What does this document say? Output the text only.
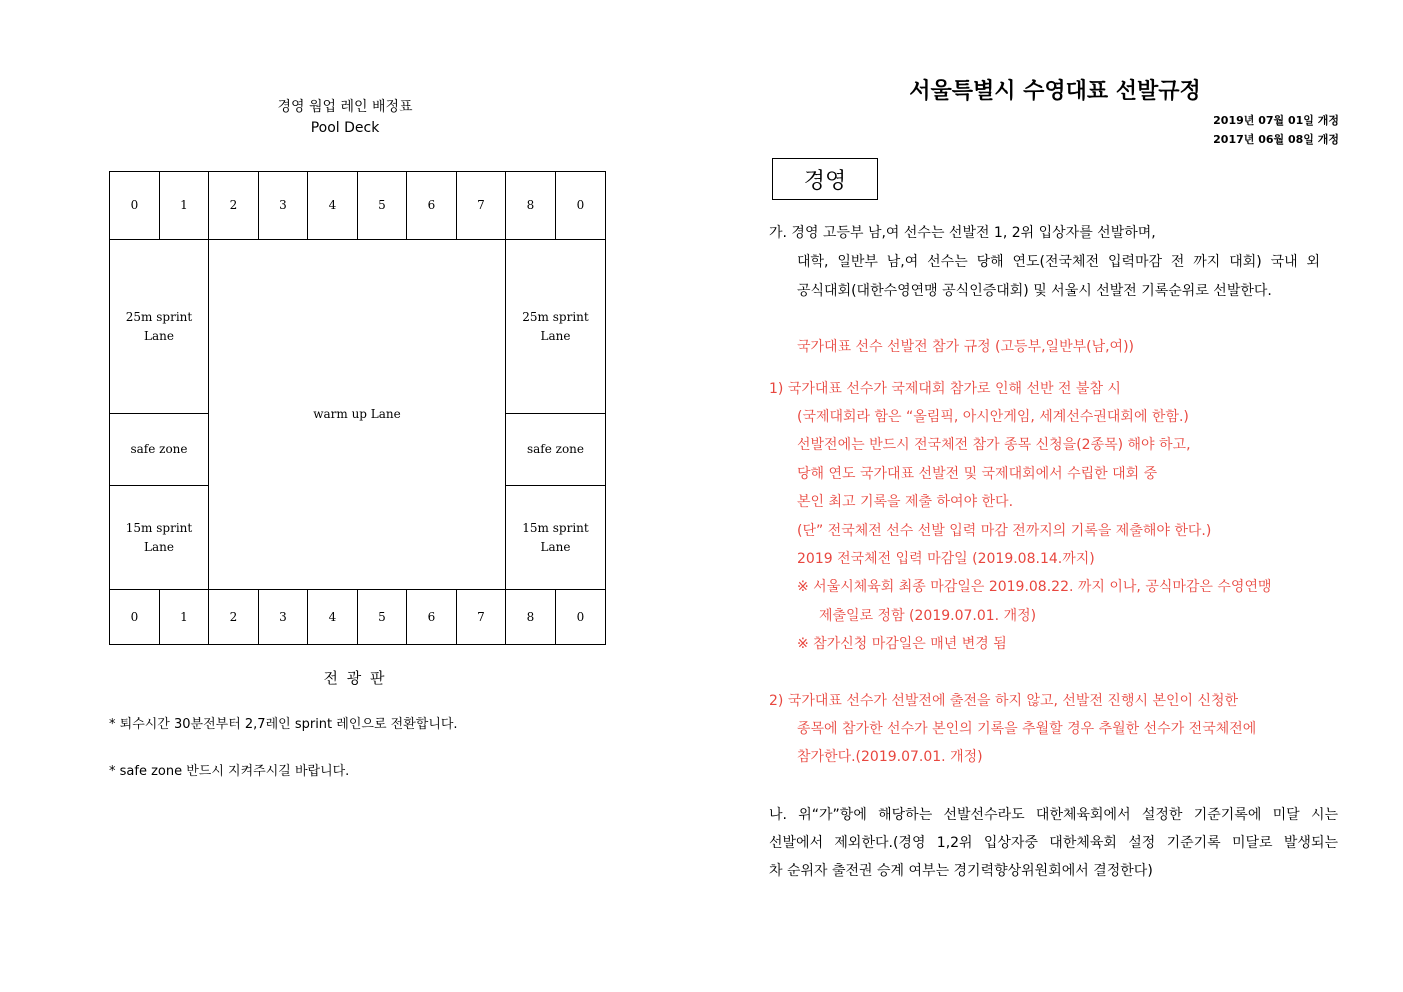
경영 웜업 레인 배정표
Pool Deck
0	1	2	3	4	5	6	7	8	0
25m sprint
Lane
safe zone
15m sprint
Lane
warm up Lane
25m sprint
Lane
safe zone
15m sprint
Lane
0	1	2	3	4	5	6	7	8	0
전 광 판
* 퇴수시간 30분전부터 2,7레인 sprint 레인으로 전환합니다.
* safe zone 반드시 지켜주시길 바랍니다.
서울특별시 수영대표 선발규정
2019년 07월 01일 개정
2017년 06월 08일 개정
경영
가. 경영 고등부 남,여 선수는 선발전 1, 2위 입상자를 선발하며,
대학, 일반부 남,여 선수는 당해 연도(전국체전 입력마감 전 까지 대회) 국내 외
공식대회(대한수영연맹 공식인증대회) 및 서울시 선발전 기록순위로 선발한다.
국가대표 선수 선발전 참가 규정 (고등부,일반부(남,여))
1) 국가대표 선수가 국제대회 참가로 인해 선반 전 불참 시
(국제대회라 함은 “올림픽, 아시안게임, 세계선수권대회에 한함.)
선발전에는 반드시 전국체전 참가 종목 신청을(2종목) 해야 하고,
당해 연도 국가대표 선발전 및 국제대회에서 수립한 대회 중
본인 최고 기록을 제출 하여야 한다.
(단” 전국체전 선수 선발 입력 마감 전까지의 기록을 제출해야 한다.)
2019 전국체전 입력 마감일 (2019.08.14.까지)
※ 서울시체육회 최종 마감일은 2019.08.22. 까지 이나, 공식마감은 수영연맹
제출일로 정함 (2019.07.01. 개정)
※ 참가신청 마감일은 매년 변경 됨
2) 국가대표 선수가 선발전에 출전을 하지 않고, 선발전 진행시 본인이 신청한
종목에 참가한 선수가 본인의 기록을 추월할 경우 추월한 선수가 전국체전에
참가한다.(2019.07.01. 개정)
나. 위“가”항에 해당하는 선발선수라도 대한체육회에서 설정한 기준기록에 미달 시는
선발에서 제외한다.(경영 1,2위 입상자중 대한체육회 설정 기준기록 미달로 발생되는
차 순위자 출전권 승계 여부는 경기력향상위원회에서 결정한다)
